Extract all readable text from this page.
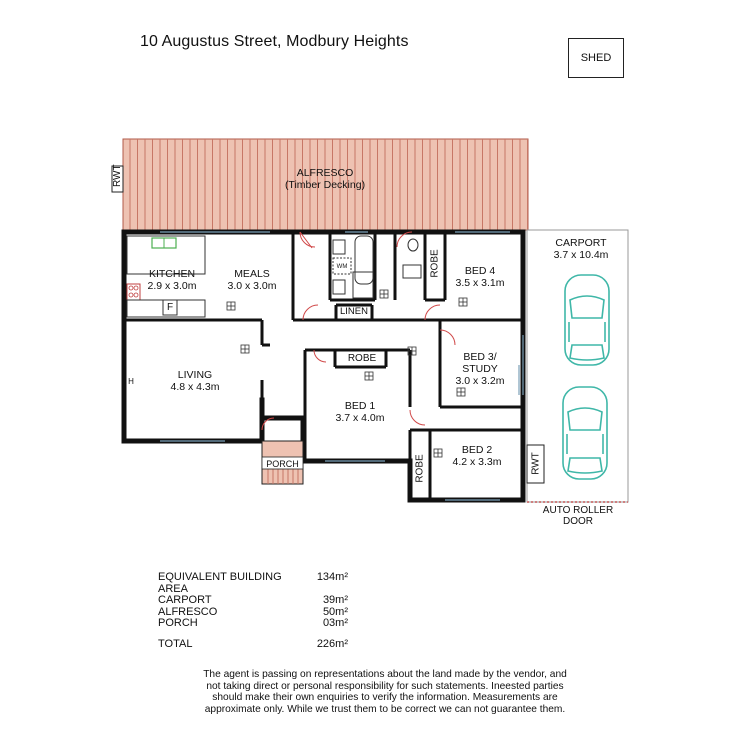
10 Augustus Street, Modbury Heights
SHED
ALFRESCO
(Timber Decking)
RWT
KITCHEN
2.9 x 3.0m
MEALS
3.0 x 3.0m
LIVING
4.8 x 4.3m
BED 1
3.7 x 4.0m
BED 2
4.2 x 3.3m
BED 3/
STUDY
3.0 x 3.2m
BED 4
3.5 x 3.1m
CARPORT
3.7 x 10.4m
LINEN
ROBE
ROBE
ROBE	RWT
PORCH
WM
F
H
AUTO ROLLER
DOOR
EQUIVALENT BUILDING AREA
134m²
CARPORT	39m²
ALFRESCO	50m²
PORCH	03m²
TOTAL	226m²
The agent is passing on representations about the land made by the vendor, and
not taking direct or personal responsibility for such statements. Ineested parties
should make their own enquiries to verify the information. Measurements are
approximate only. While we trust them to be correct we can not guarantee them.
